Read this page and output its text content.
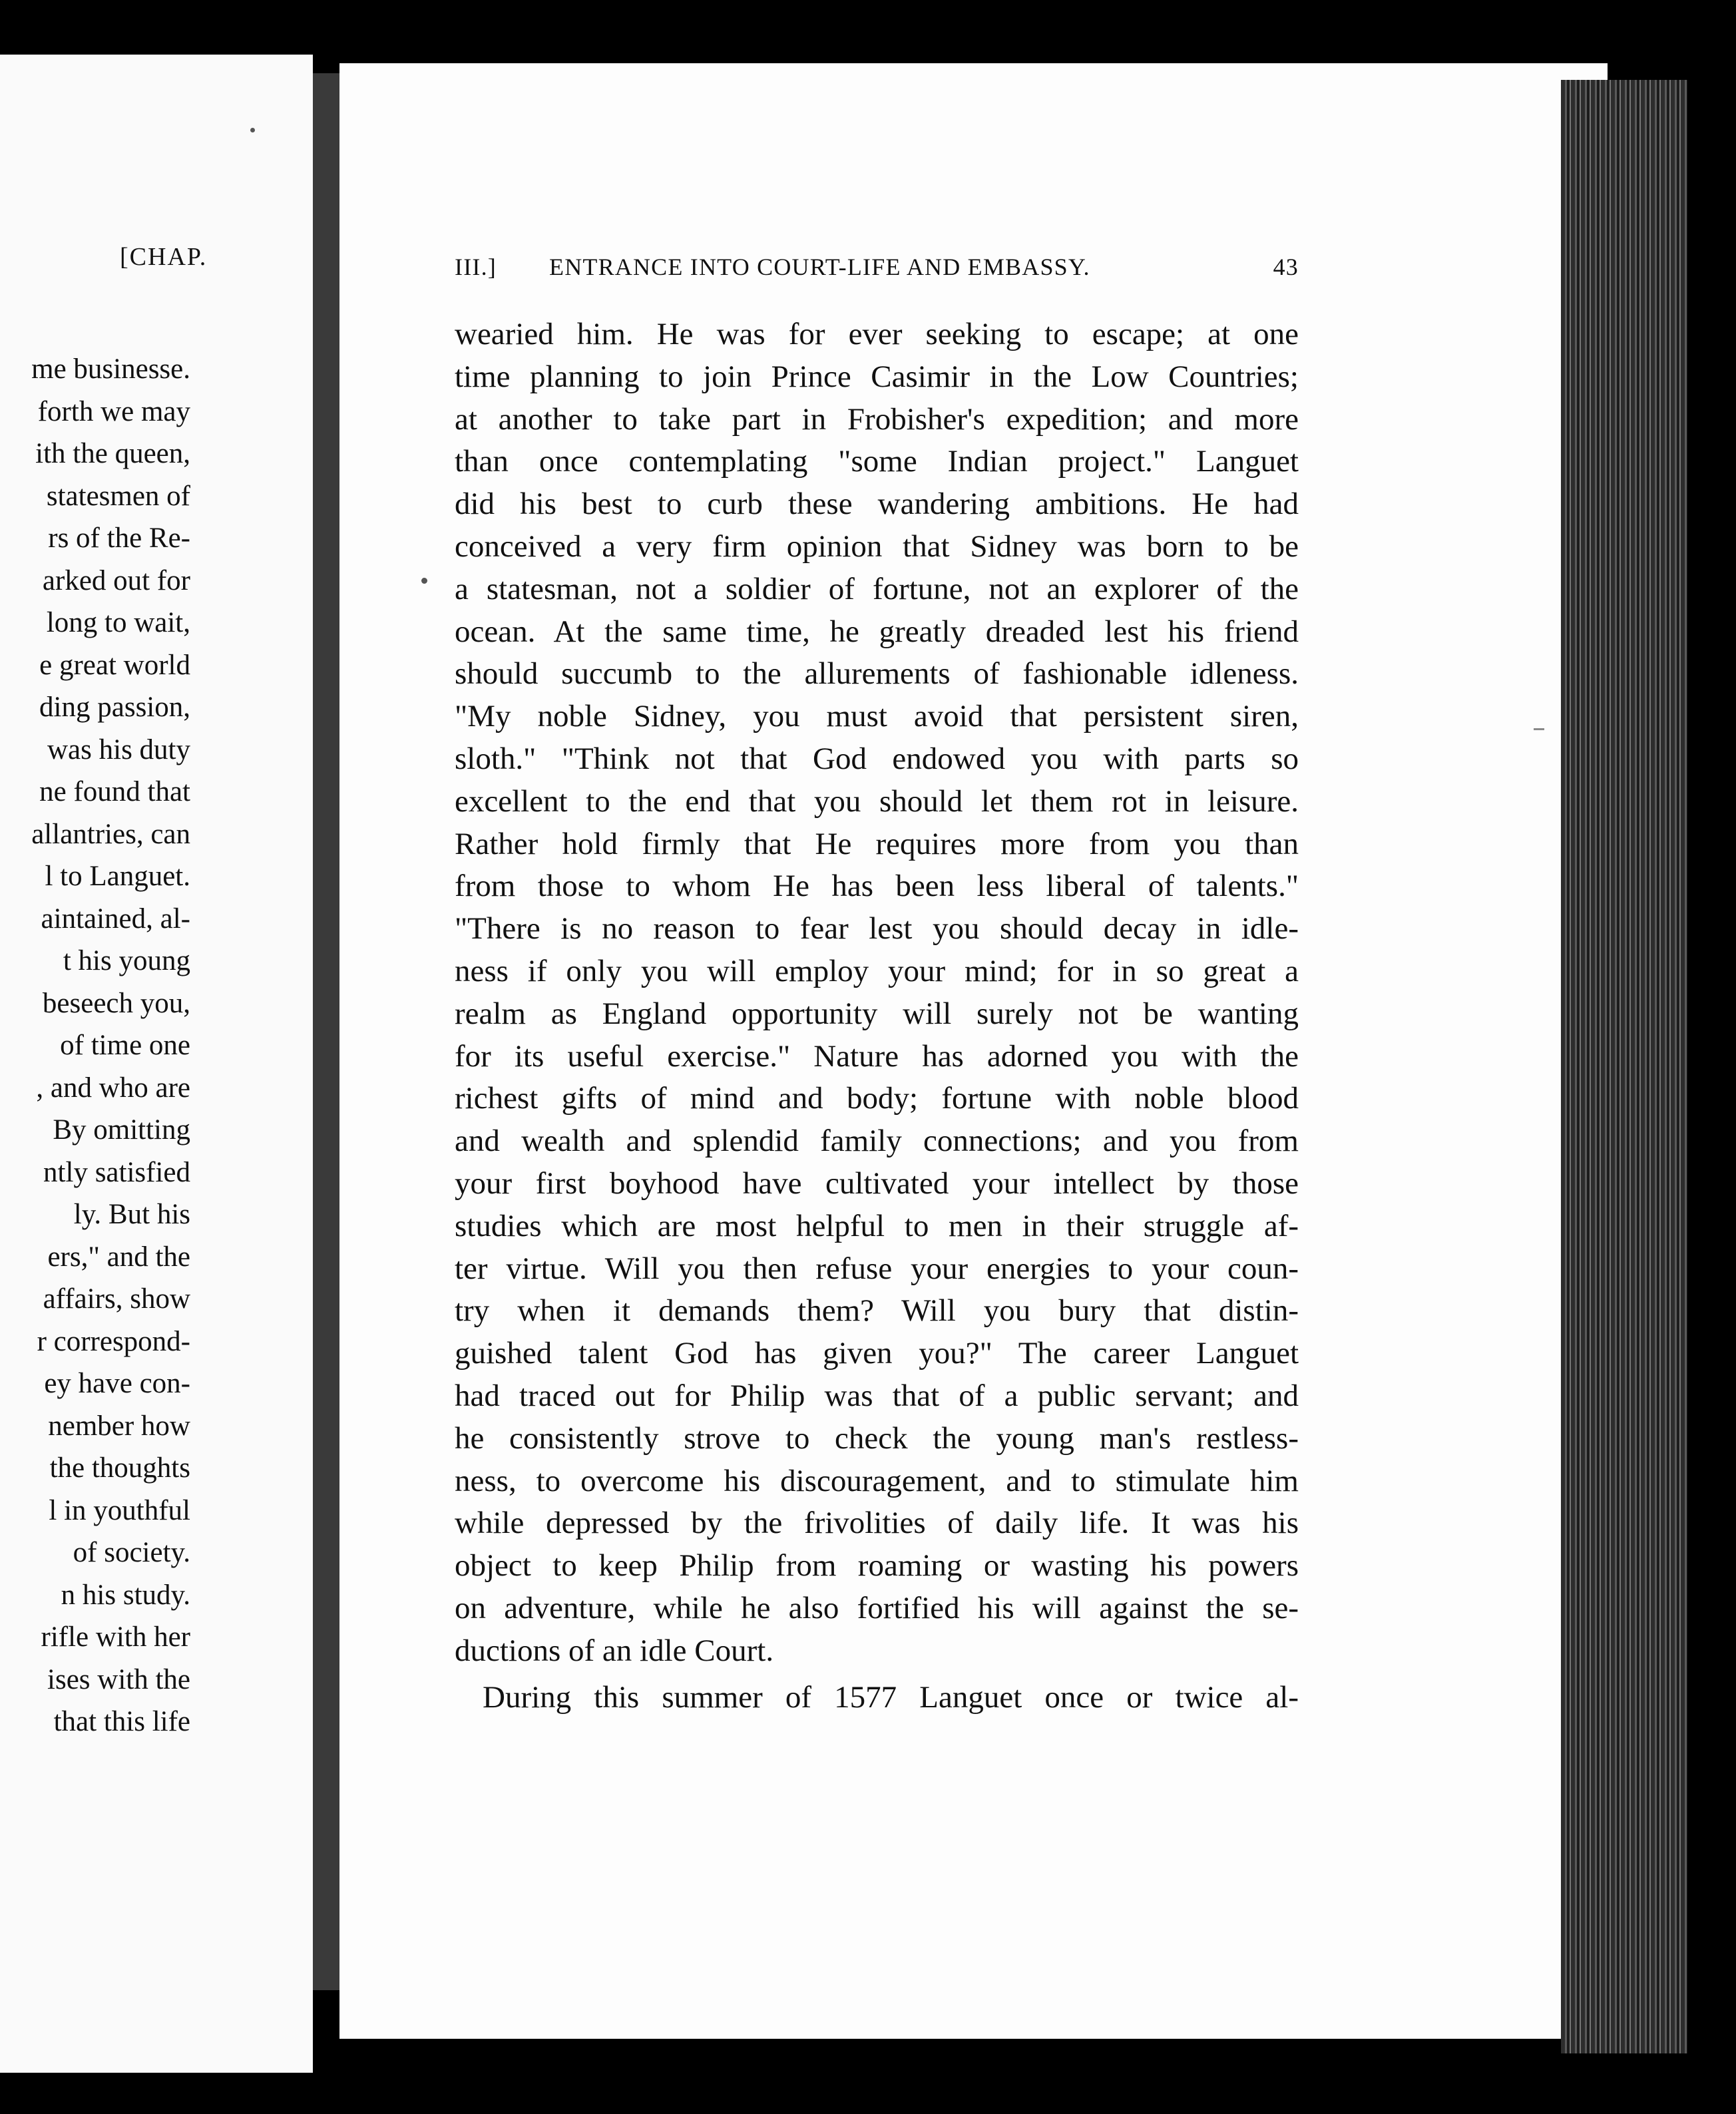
[CHAP.
me businesse.
forth we may
ith the queen,
statesmen of
rs of the Re-
arked out for
long to wait,
e great world
ding passion,
was his duty
ne found that
allantries, can
l to Languet.
aintained, al-
t his young
beseech you,
of time one
, and who are
By omitting
ntly satisfied
ly. But his
ers," and the
affairs, show
r correspond-
ey have con-
nember how
the thoughts
l in youthful
of society.
n his study.
rifle with her
ises with the
that this life
III.] ENTRANCE INTO COURT-LIFE AND EMBASSY.	43
wearied him. He was for ever seeking to escape; at one
time planning to join Prince Casimir in the Low Countries;
at another to take part in Frobisher's expedition; and more
than once contemplating "some Indian project." Languet
did his best to curb these wandering ambitions. He had
conceived a very firm opinion that Sidney was born to be
a statesman, not a soldier of fortune, not an explorer of the
ocean. At the same time, he greatly dreaded lest his friend
should succumb to the allurements of fashionable idleness.
"My noble Sidney, you must avoid that persistent siren,
sloth." "Think not that God endowed you with parts so
excellent to the end that you should let them rot in leisure.
Rather hold firmly that He requires more from you than
from those to whom He has been less liberal of talents."
"There is no reason to fear lest you should decay in idle-
ness if only you will employ your mind; for in so great a
realm as England opportunity will surely not be wanting
for its useful exercise." Nature has adorned you with the
richest gifts of mind and body; fortune with noble blood
and wealth and splendid family connections; and you from
your first boyhood have cultivated your intellect by those
studies which are most helpful to men in their struggle af-
ter virtue. Will you then refuse your energies to your coun-
try when it demands them? Will you bury that distin-
guished talent God has given you?" The career Languet
had traced out for Philip was that of a public servant; and
he consistently strove to check the young man's restless-
ness, to overcome his discouragement, and to stimulate him
while depressed by the frivolities of daily life. It was his
object to keep Philip from roaming or wasting his powers
on adventure, while he also fortified his will against the se-
ductions of an idle Court.
During this summer of 1577 Languet once or twice al-
